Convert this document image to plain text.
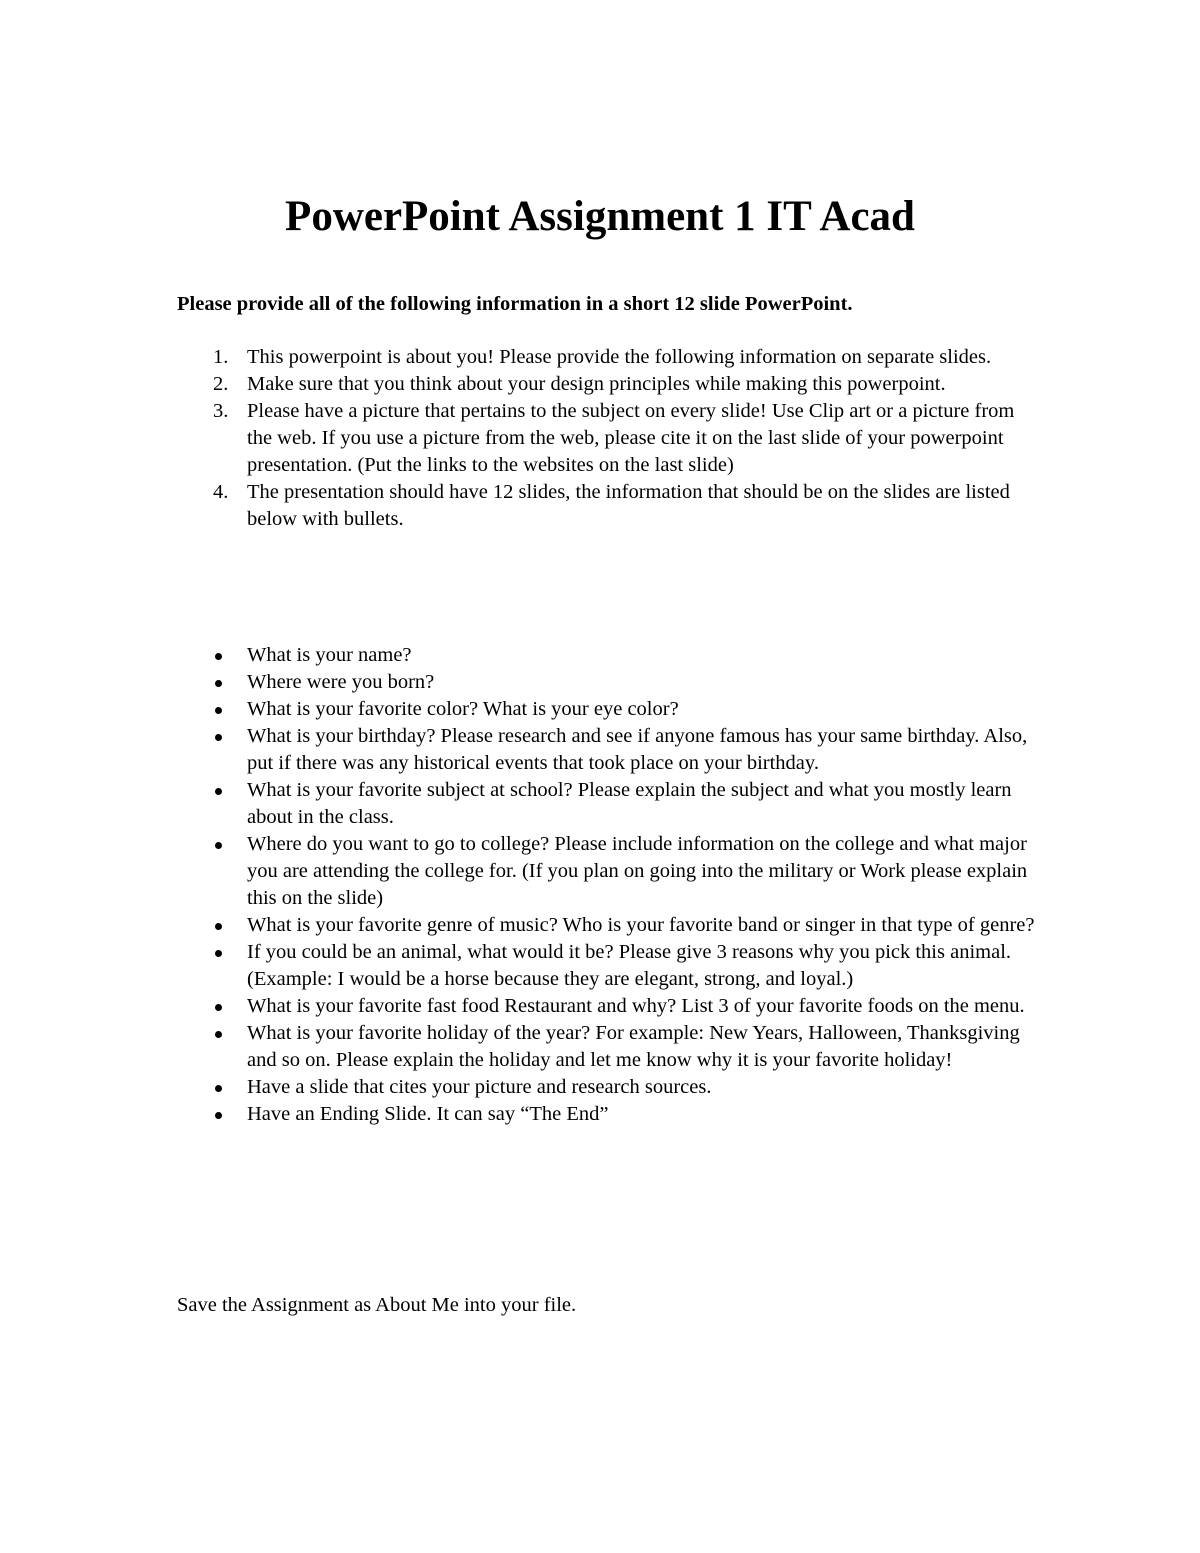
PowerPoint Assignment 1 IT Acad

Please provide all of the following information in a short 12 slide PowerPoint.

1. This powerpoint is about you! Please provide the following information on separate slides.
2. Make sure that you think about your design principles while making this powerpoint.
3. Please have a picture that pertains to the subject on every slide! Use Clip art or a picture from the web. If you use a picture from the web, please cite it on the last slide of your powerpoint presentation. (Put the links to the websites on the last slide)
4. The presentation should have 12 slides, the information that should be on the slides are listed below with bullets.
What is your name?
Where were you born?
What is your favorite color? What is your eye color?
What is your birthday? Please research and see if anyone famous has your same birthday. Also, put if there was any historical events that took place on your birthday.
What is your favorite subject at school? Please explain the subject and what you mostly learn about in the class.
Where do you want to go to college? Please include information on the college and what major you are attending the college for. (If you plan on going into the military or Work please explain this on the slide)
What is your favorite genre of music? Who is your favorite band or singer in that type of genre?
If you could be an animal, what would it be? Please give 3 reasons why you pick this animal. (Example: I would be a horse because they are elegant, strong, and loyal.)
What is your favorite fast food Restaurant and why? List 3 of your favorite foods on the menu.
What is your favorite holiday of the year? For example: New Years, Halloween, Thanksgiving and so on. Please explain the holiday and let me know why it is your favorite holiday!
Have a slide that cites your picture and research sources.
Have an Ending Slide. It can say “The End”

Save the Assignment as About Me into your file.
